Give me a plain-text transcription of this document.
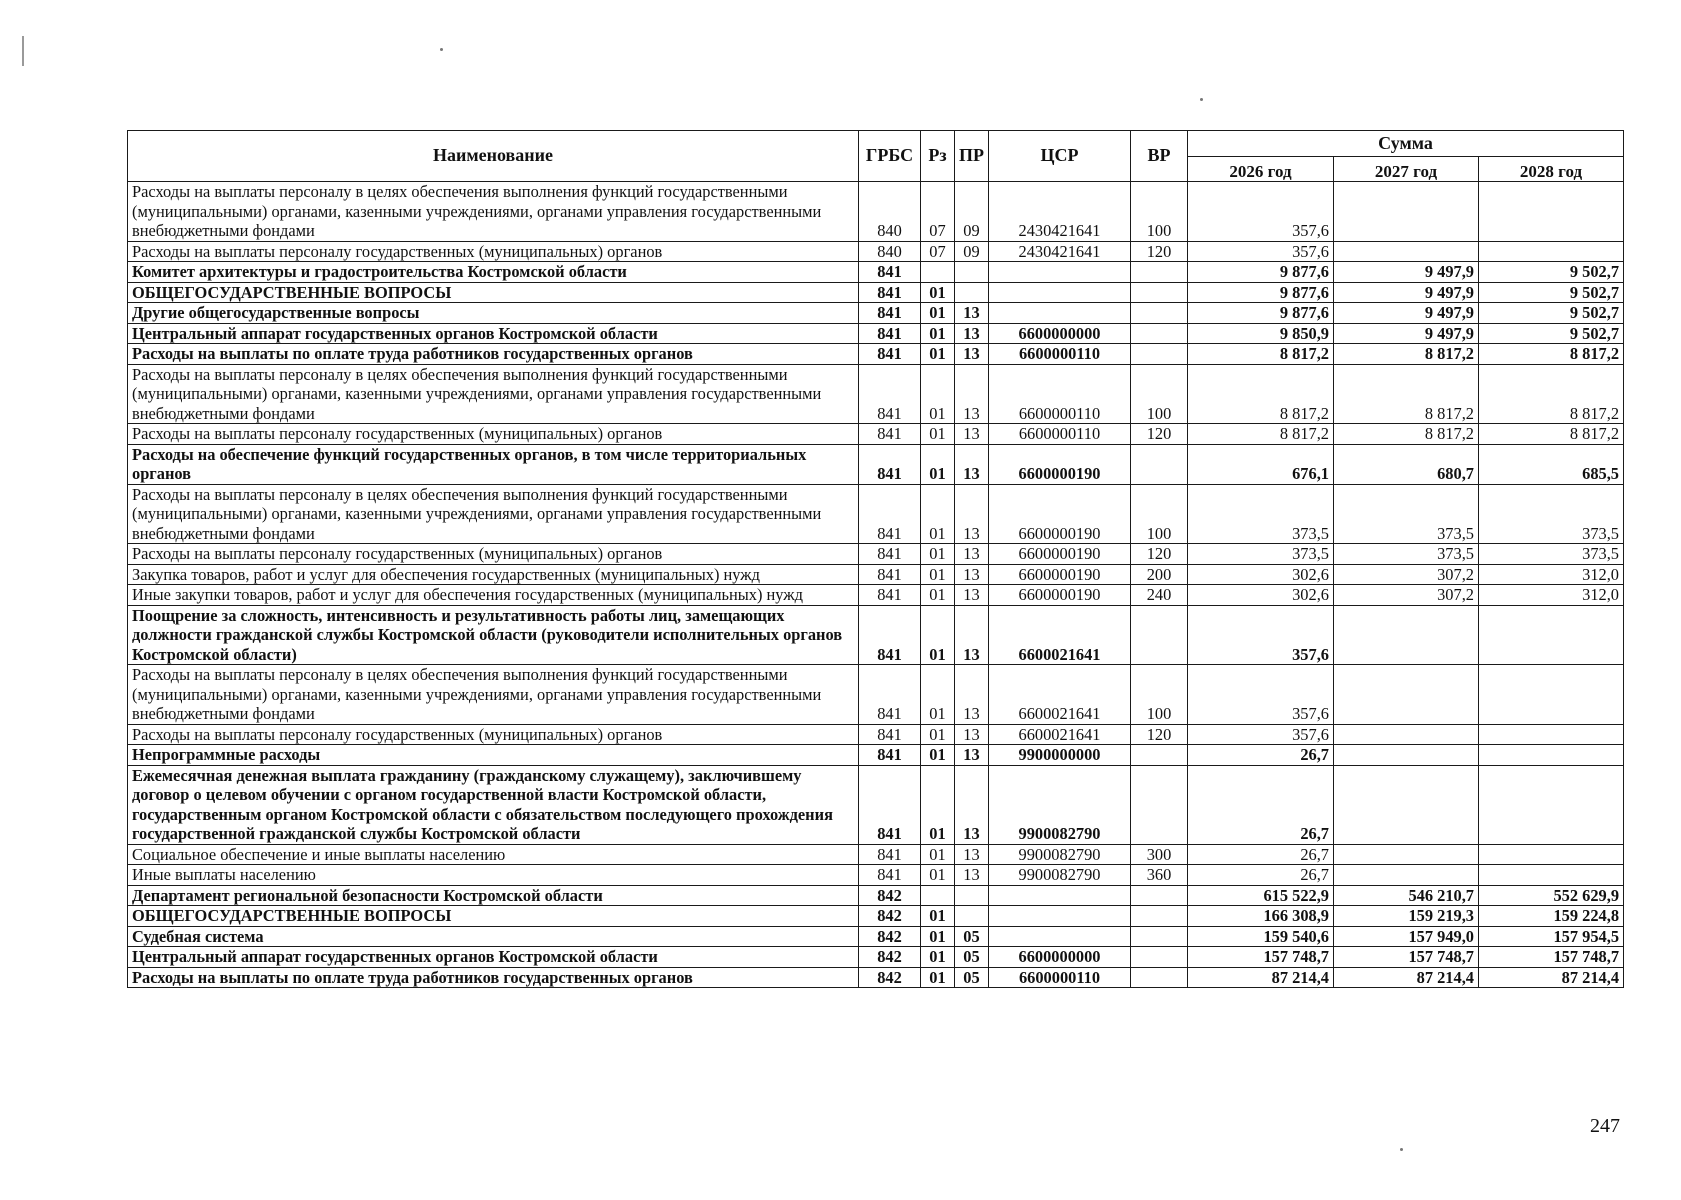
Наименование	ГРБС	Рз	ПР	ЦСР	ВР	Сумма		
						2026 год	2027 год	2028 год
Расходы на выплаты персоналу в целях обеспечения выполнения функций государственными (муниципальными) органами, казенными учреждениями, органами управления государственными внебюджетными фондами	840	07	09	2430421641	100	357,6		
Расходы на выплаты персоналу государственных (муниципальных) органов	840	07	09	2430421641	120	357,6		
Комитет архитектуры и градостроительства Костромской области	841					9 877,6	9 497,9	9 502,7
ОБЩЕГОСУДАРСТВЕННЫЕ ВОПРОСЫ	841	01				9 877,6	9 497,9	9 502,7
Другие общегосударственные вопросы	841	01	13			9 877,6	9 497,9	9 502,7
Центральный аппарат государственных органов Костромской области	841	01	13	6600000000		9 850,9	9 497,9	9 502,7
Расходы на выплаты по оплате труда работников государственных органов	841	01	13	6600000110		8 817,2	8 817,2	8 817,2
Расходы на выплаты персоналу в целях обеспечения выполнения функций государственными (муниципальными) органами, казенными учреждениями, органами управления государственными внебюджетными фондами	841	01	13	6600000110	100	8 817,2	8 817,2	8 817,2
Расходы на выплаты персоналу государственных (муниципальных) органов	841	01	13	6600000110	120	8 817,2	8 817,2	8 817,2
Расходы на обеспечение функций государственных органов, в том числе территориальных органов	841	01	13	6600000190		676,1	680,7	685,5
Расходы на выплаты персоналу в целях обеспечения выполнения функций государственными (муниципальными) органами, казенными учреждениями, органами управления государственными внебюджетными фондами	841	01	13	6600000190	100	373,5	373,5	373,5
Расходы на выплаты персоналу государственных (муниципальных) органов	841	01	13	6600000190	120	373,5	373,5	373,5
Закупка товаров, работ и услуг для обеспечения государственных (муниципальных) нужд	841	01	13	6600000190	200	302,6	307,2	312,0
Иные закупки товаров, работ и услуг для обеспечения государственных (муниципальных) нужд	841	01	13	6600000190	240	302,6	307,2	312,0
Поощрение за сложность, интенсивность и результативность работы лиц, замещающих должности гражданской службы Костромской области (руководители исполнительных органов Костромской области)	841	01	13	6600021641		357,6		
Расходы на выплаты персоналу в целях обеспечения выполнения функций государственными (муниципальными) органами, казенными учреждениями, органами управления государственными внебюджетными фондами	841	01	13	6600021641	100	357,6		
Расходы на выплаты персоналу государственных (муниципальных) органов	841	01	13	6600021641	120	357,6		
Непрограммные расходы	841	01	13	9900000000		26,7		
Ежемесячная денежная выплата гражданину (гражданскому служащему), заключившему договор о целевом обучении с органом государственной власти Костромской области, государственным органом Костромской области с обязательством последующего прохождения государственной гражданской службы Костромской области	841	01	13	9900082790		26,7		
Социальное обеспечение и иные выплаты населению	841	01	13	9900082790	300	26,7		
Иные выплаты населению	841	01	13	9900082790	360	26,7		
Департамент региональной безопасности Костромской области	842					615 522,9	546 210,7	552 629,9
ОБЩЕГОСУДАРСТВЕННЫЕ ВОПРОСЫ	842	01				166 308,9	159 219,3	159 224,8
Судебная система	842	01	05			159 540,6	157 949,0	157 954,5
Центральный аппарат государственных органов Костромской области	842	01	05	6600000000		157 748,7	157 748,7	157 748,7
Расходы на выплаты по оплате труда работников государственных органов	842	01	05	6600000110		87 214,4	87 214,4	87 214,4
247
